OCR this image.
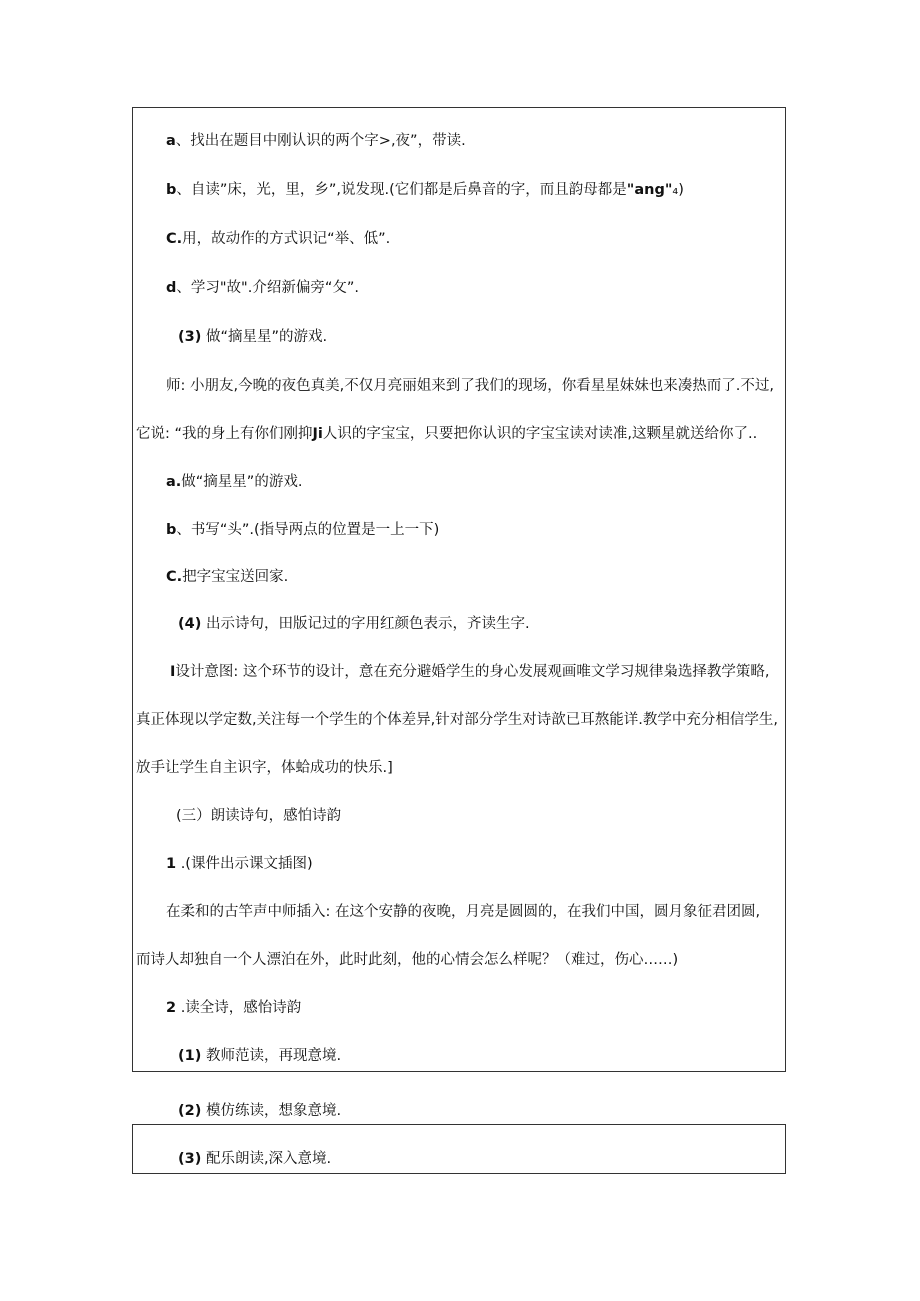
a、找出在题目中刚认识的两个字>,夜”，带读.
b、自读”床，光，里，乡”,说发现.(它们都是后鼻音的字，而且韵母都是"ang"₄)
C.用，故动作的方式识记“举、低”.
d、学习"故".介绍新偏旁“攵”.
(3) 做“摘星星”的游戏.
师: 小朋友,今晚的夜色真美,不仅月亮丽姐来到了我们的现场，你看星星妹妹也来凑热而了.不过,
它说: “我的身上有你们刚抑Ji人识的字宝宝，只要把你认识的字宝宝读对读准,这颗星就送给你了..
a.做“摘星星”的游戏.
b、书写“头”.(指导两点的位置是一上一下)
C.把字宝宝送回家.
(4) 出示诗句，田版记过的字用红颜色表示，齐读生字.
I设计意图: 这个环节的设计，意在充分避婚学生的身心发展观画唯文学习规律枭选择教学策略,
真正体现以学定数,关注每一个学生的个体差异,针对部分学生对诗歆已耳熬能详.教学中充分相信学生,
放手让学生自主识字，体蛤成功的快乐.]
(三）朗读诗句，感怕诗韵
1 .(课件出示课文插图)
在柔和的古竿声中师插入: 在这个安静的夜晚，月亮是圆圆的，在我们中国，圆月象征君团圆,
而诗人却独自一个人漂泊在外，此时此刻，他的心情会怎么样呢？（难过，伤心……)
2 .读全诗，感怡诗韵
(1) 教师范读，再现意境.
(2) 模仿练读，想象意境.
(3) 配乐朗读,深入意境.
